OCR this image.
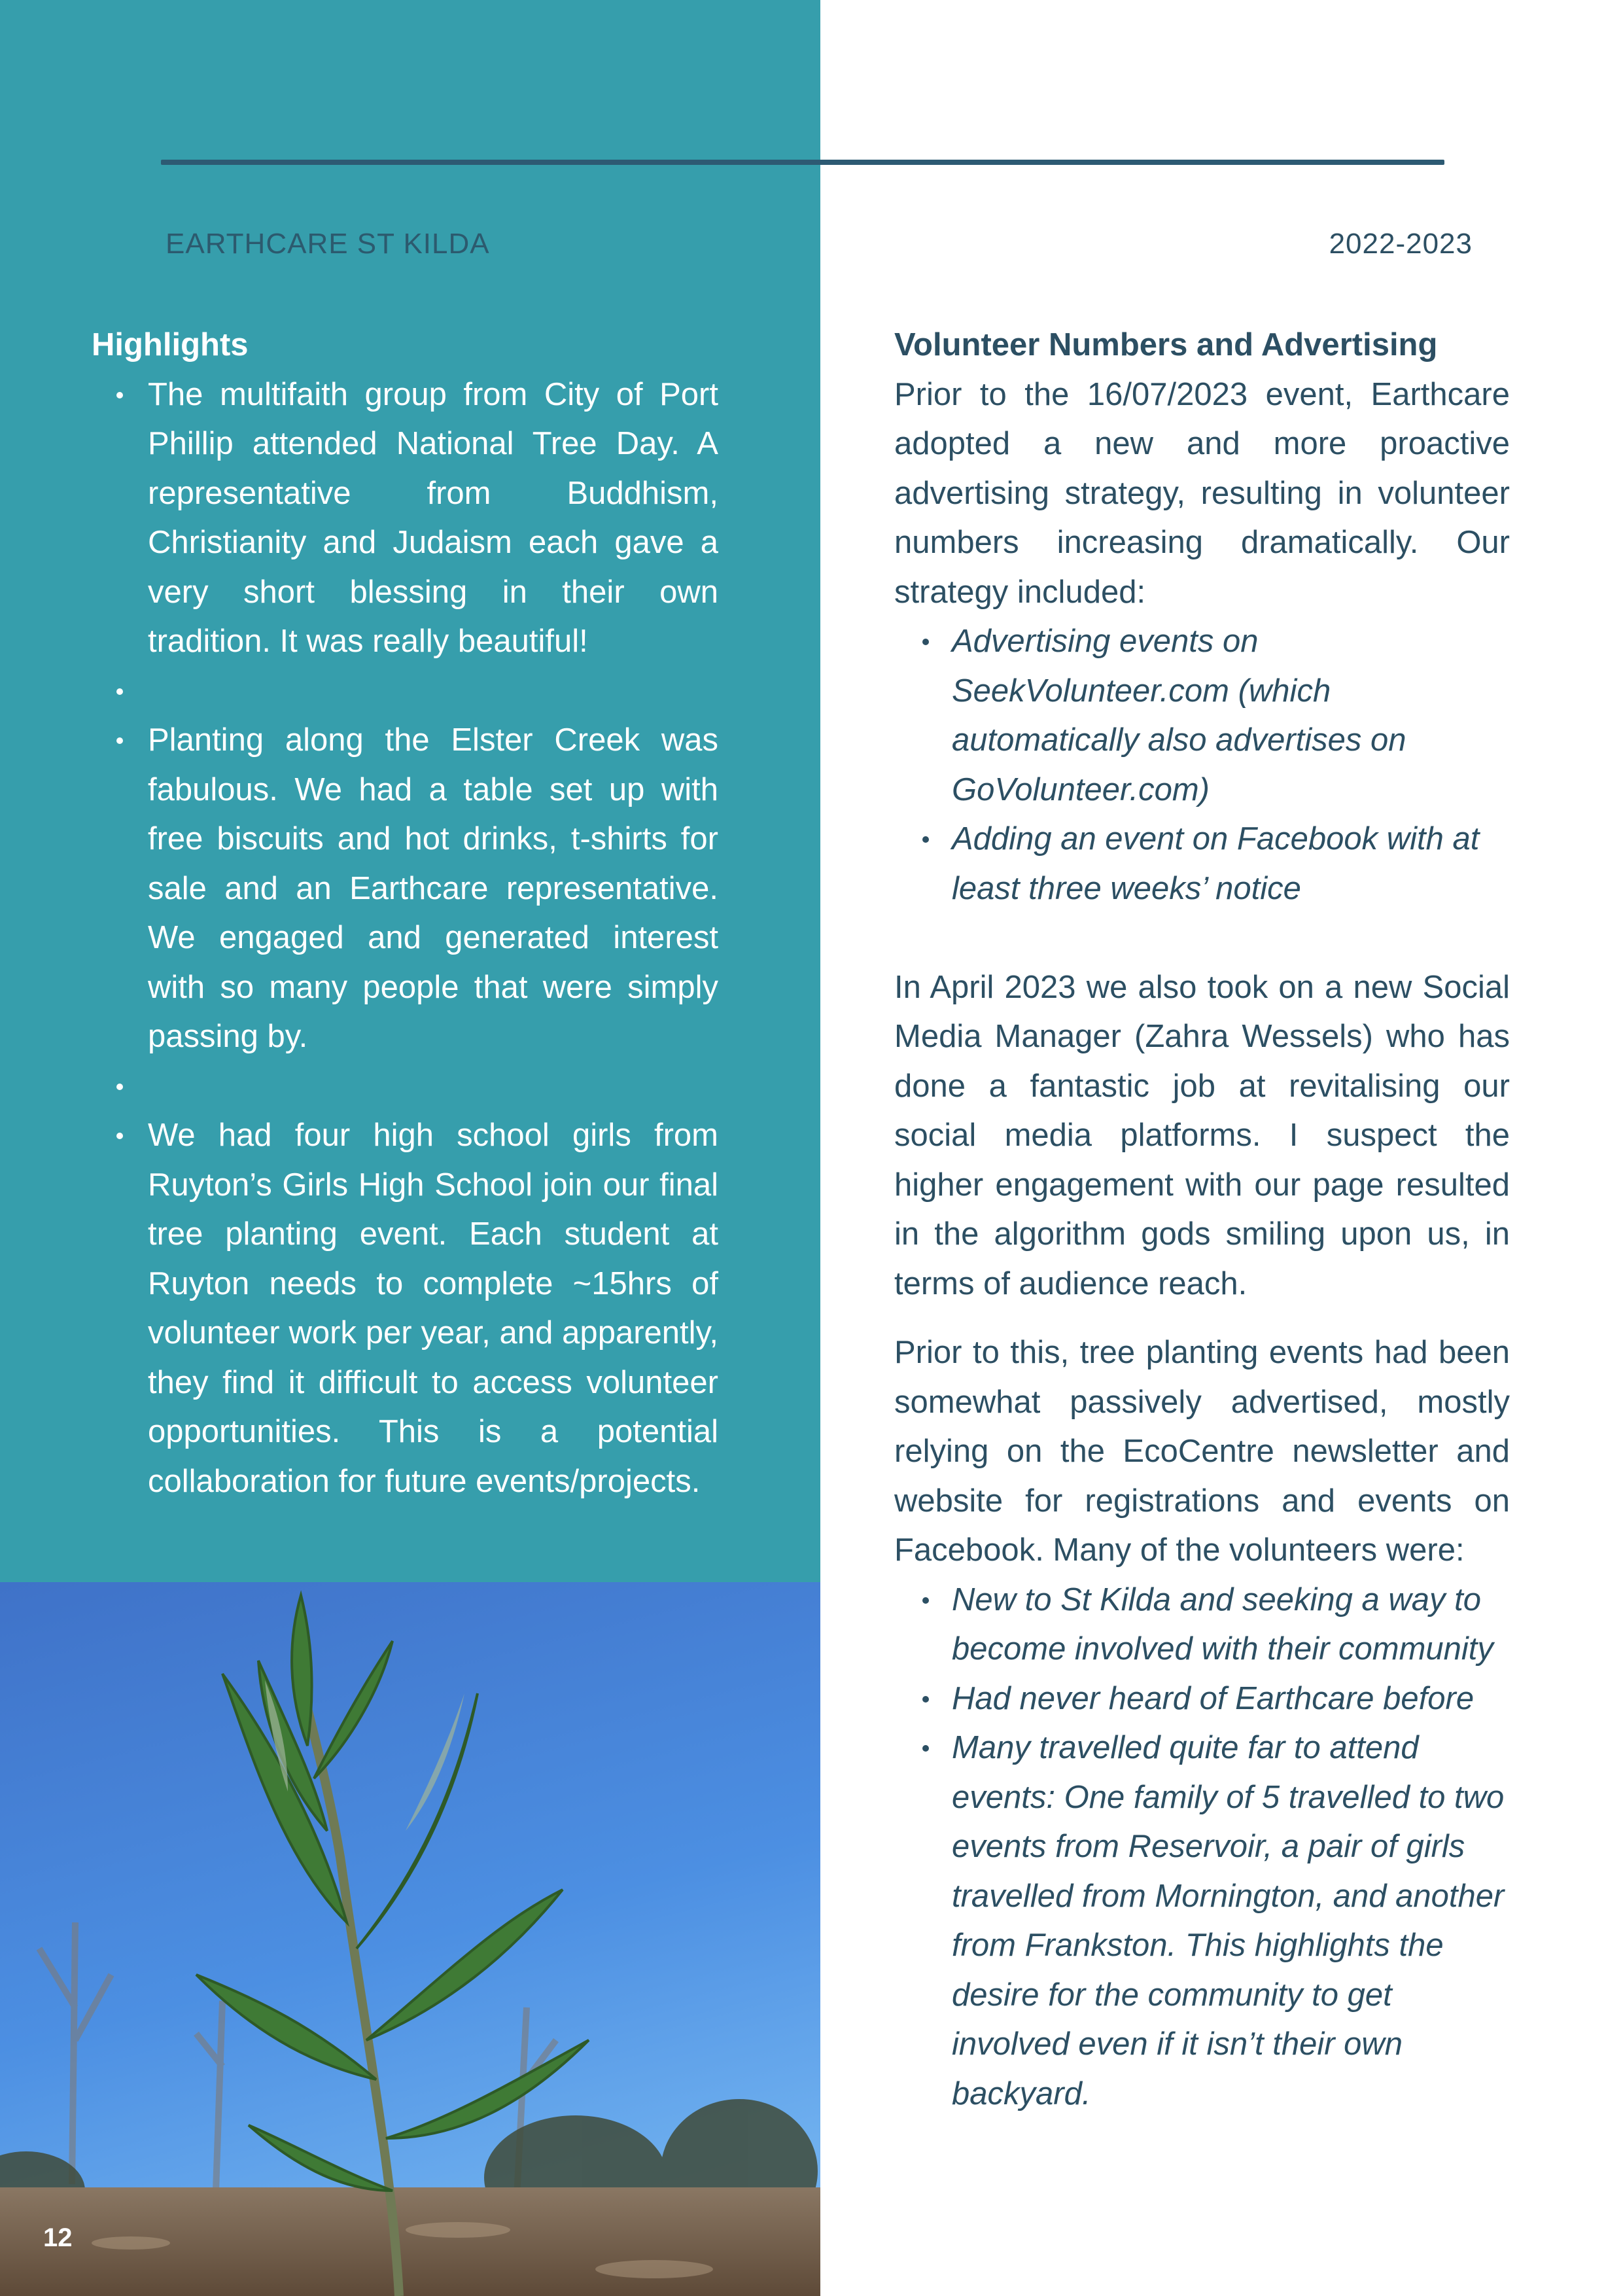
EARTHCARE ST KILDA	2022-2023
Highlights
The multifaith group from City of Port Phillip attended National Tree Day. A representative from Buddhism, Christianity and Judaism each gave a very short blessing in their own tradition. It was really beautiful!
Planting along the Elster Creek was fabulous. We had a table set up with free biscuits and hot drinks, t-shirts for sale and an Earthcare representative. We engaged and generated interest with so many people that were simply passing by.
We had four high school girls from Ruyton’s Girls High School join our final tree planting event. Each student at Ruyton needs to complete ~15hrs of volunteer work per year, and apparently, they find it difficult to access volunteer opportunities. This is a potential collaboration for future events/projects.
Volunteer Numbers and Advertising

Prior to the 16/07/2023 event, Earthcare adopted a new and more proactive advertising strategy, resulting in volunteer numbers increasing dramatically. Our strategy included:

Advertising events on SeekVolunteer.com (which automatically also advertises on GoVolunteer.com)
Adding an event on Facebook with at least three weeks’ notice

In April 2023 we also took on a new Social Media Manager (Zahra Wessels) who has done a fantastic job at revitalising our social media platforms. I suspect the higher engagement with our page resulted in the algorithm gods smiling upon us, in terms of audience reach.

Prior to this, tree planting events had been somewhat passively advertised, mostly relying on the EcoCentre newsletter and website for registrations and events on Facebook. Many of the volunteers were:

New to St Kilda and seeking a way to become involved with their community
Had never heard of Earthcare before
Many travelled quite far to attend events: One family of 5 travelled to two events from Reservoir, a pair of girls travelled from Mornington, and another from Frankston. This highlights the desire for the community to get involved even if it isn’t their own backyard.
12
